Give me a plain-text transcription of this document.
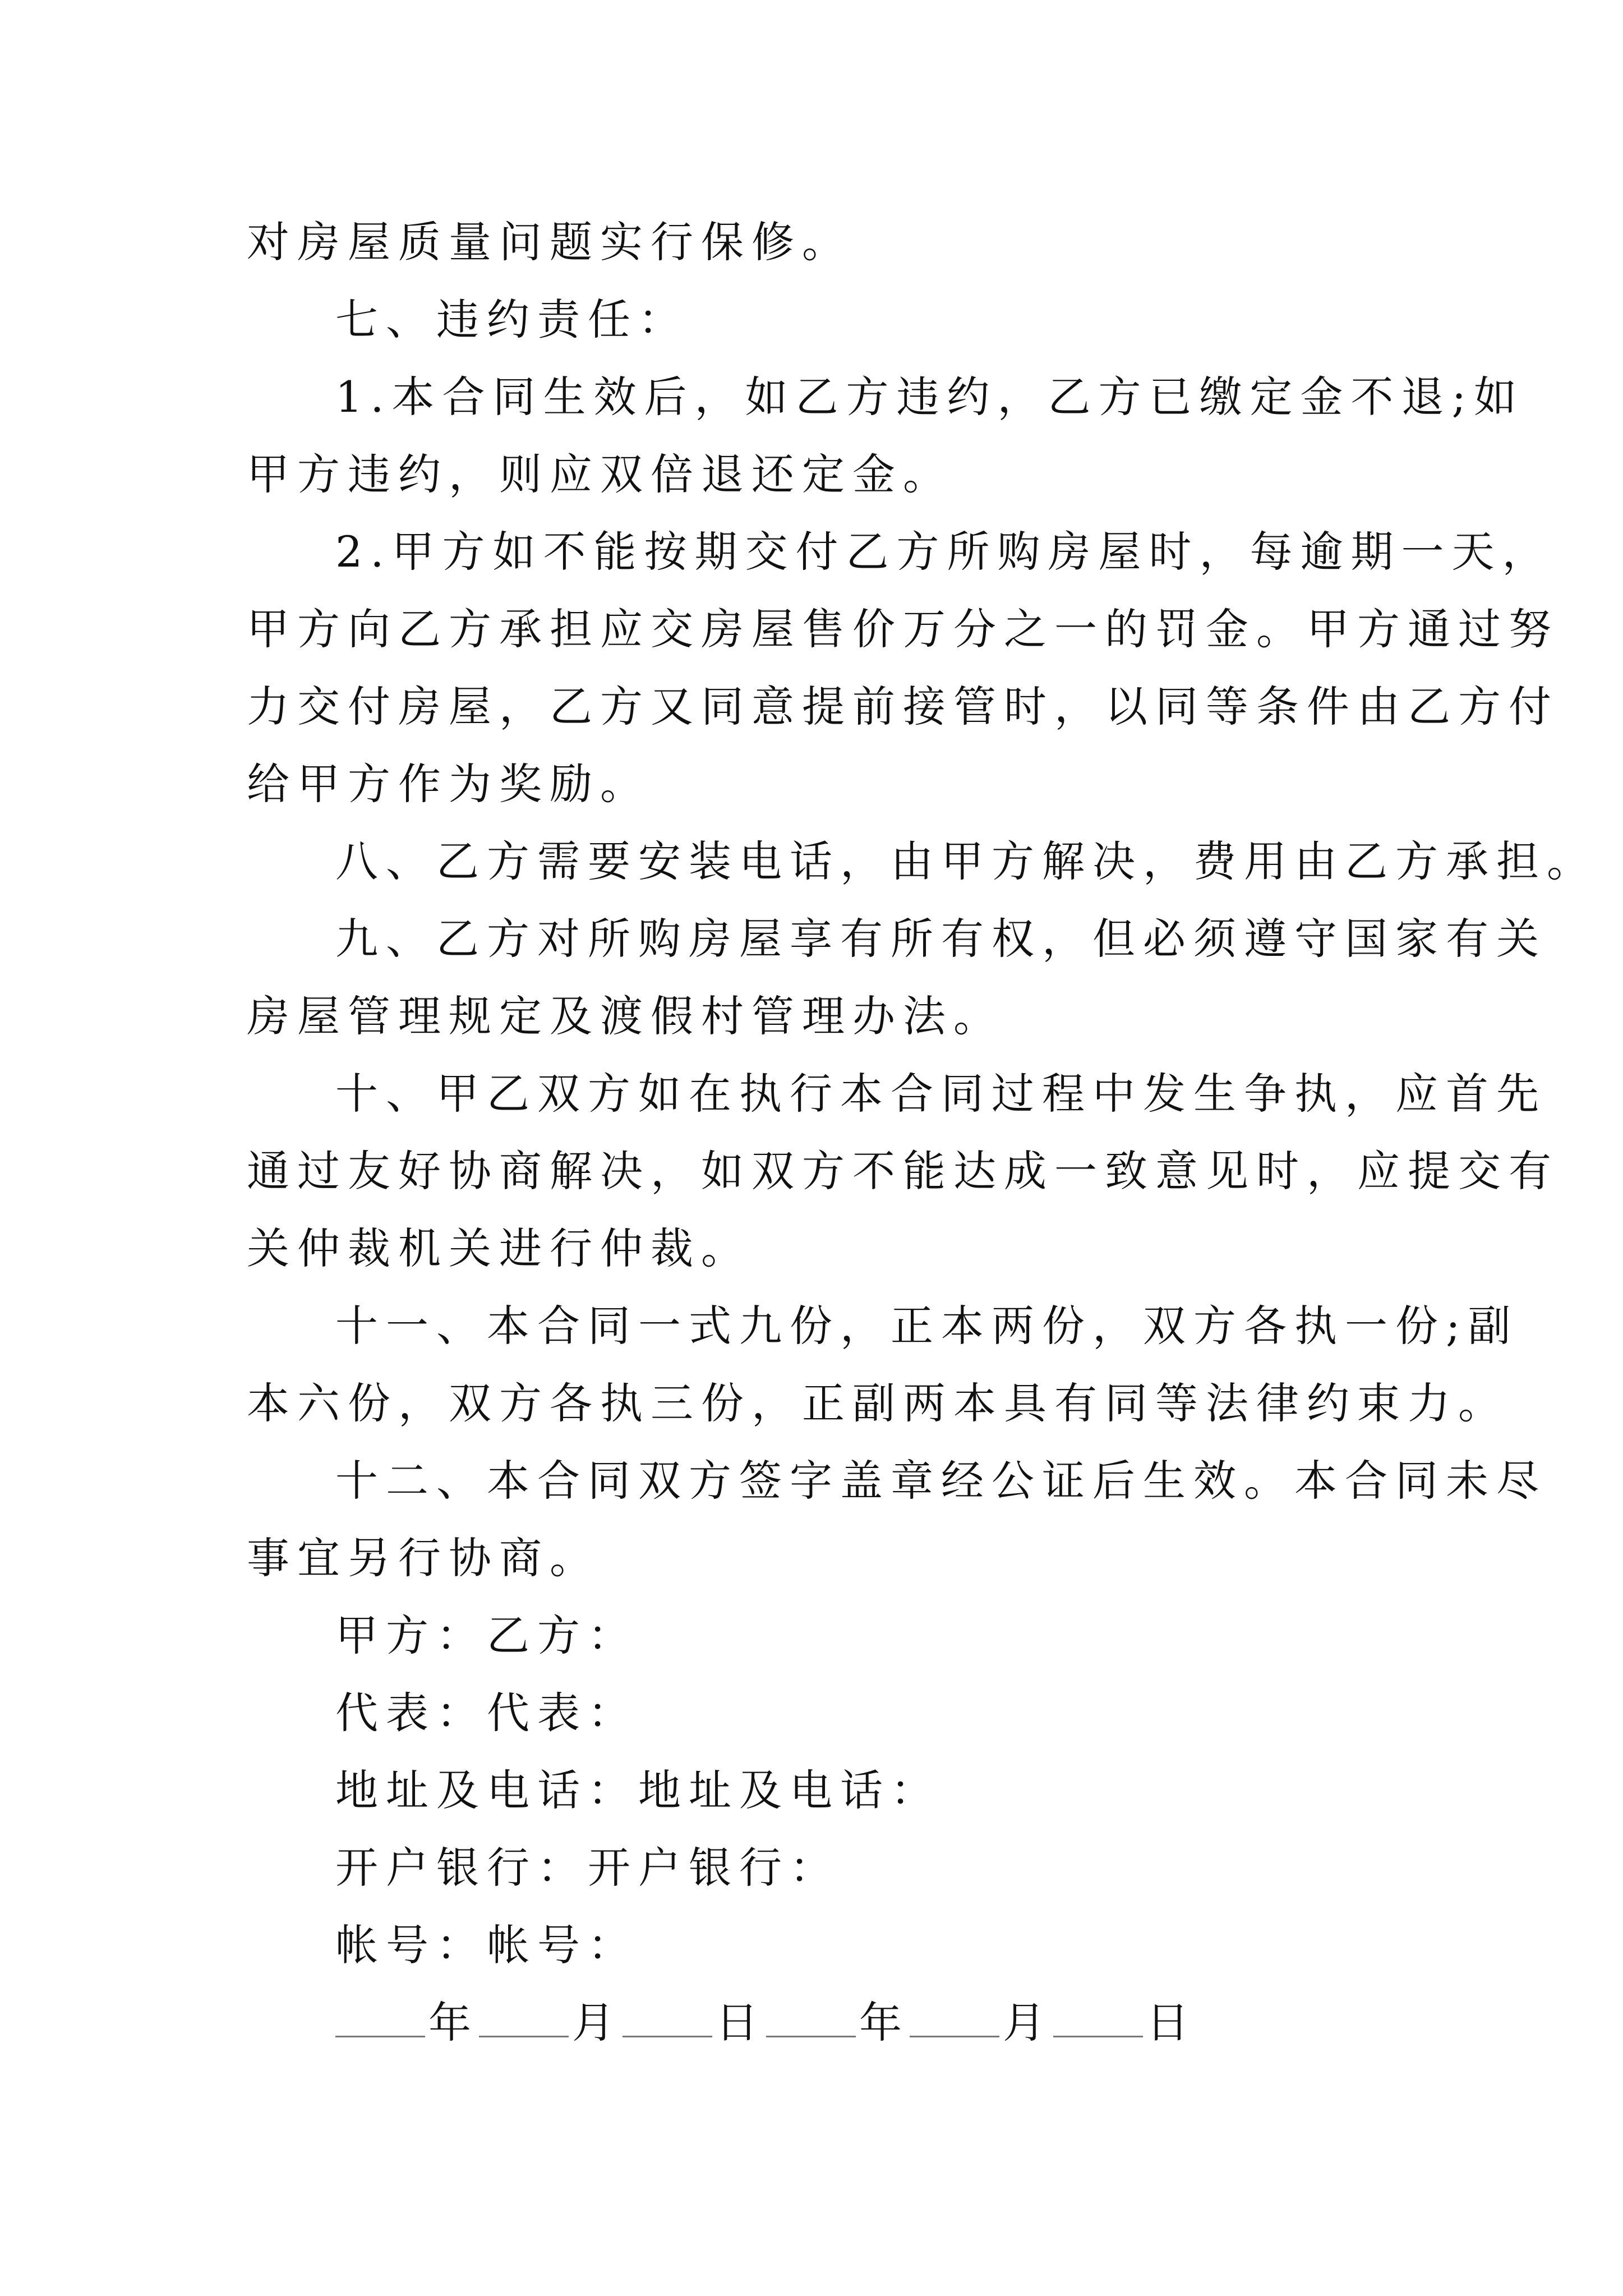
对房屋质量问题实行保修。
七、违约责任：
1.本合同生效后，如乙方违约，乙方已缴定金不退;如
甲方违约，则应双倍退还定金。
2.甲方如不能按期交付乙方所购房屋时，每逾期一天，
甲方向乙方承担应交房屋售价万分之一的罚金。甲方通过努
力交付房屋，乙方又同意提前接管时，以同等条件由乙方付
给甲方作为奖励。
八、乙方需要安装电话，由甲方解决，费用由乙方承担。
九、乙方对所购房屋享有所有权，但必须遵守国家有关
房屋管理规定及渡假村管理办法。
十、甲乙双方如在执行本合同过程中发生争执，应首先
通过友好协商解决，如双方不能达成一致意见时，应提交有
关仲裁机关进行仲裁。
十一、本合同一式九份，正本两份，双方各执一份;副
本六份，双方各执三份，正副两本具有同等法律约束力。
十二、本合同双方签字盖章经公证后生效。本合同未尽
事宜另行协商。
甲方：乙方：
代表：代表：
地址及电话：地址及电话：
开户银行：开户银行：
帐号：帐号：
年 月 日 年 月 日
